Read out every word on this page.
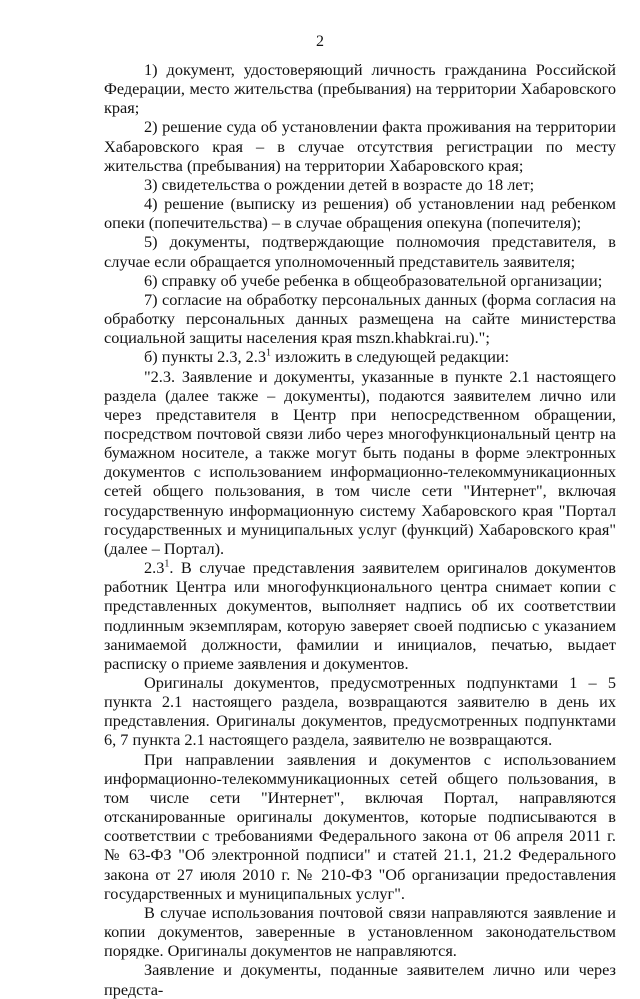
2

1) документ, удостоверяющий личность гражданина Российской Федерации, место жительства (пребывания) на территории Хабаровского края;

2) решение суда об установлении факта проживания на территории Хабаровского края – в случае отсутствия регистрации по месту жительства (пребывания) на территории Хабаровского края;

3) свидетельства о рождении детей в возрасте до 18 лет;

4) решение (выписку из решения) об установлении над ребенком опеки (попечительства) – в случае обращения опекуна (попечителя);

5) документы, подтверждающие полномочия представителя, в случае если обращается уполномоченный представитель заявителя;

6) справку об учебе ребенка в общеобразовательной организации;

7) согласие на обработку персональных данных (форма согласия на обработку персональных данных размещена на сайте министерства социальной защиты населения края mszn.khabkrai.ru).";

б) пункты 2.3, $2.3^1$ изложить в следующей редакции:

"2.3. Заявление и документы, указанные в пункте 2.1 настоящего раздела (далее также – документы), подаются заявителем лично или через представителя в Центр при непосредственном обращении, посредством почтовой связи либо через многофункциональный центр на бумажном носителе, а также могут быть поданы в форме электронных документов с использованием информационно-телекоммуникационных сетей общего пользования, в том числе сети "Интернет", включая государственную информационную систему Хабаровского края "Портал государственных и муниципальных услуг (функций) Хабаровского края" (далее – Портал).

$2.3^1$. В случае представления заявителем оригиналов документов работник Центра или многофункционального центра снимает копии с представленных документов, выполняет надпись об их соответствии подлинным экземплярам, которую заверяет своей подписью с указанием занимаемой должности, фамилии и инициалов, печатью, выдает расписку о приеме заявления и документов.

Оригиналы документов, предусмотренных подпунктами 1 – 5 пункта 2.1 настоящего раздела, возвращаются заявителю в день их представления. Оригиналы документов, предусмотренных подпунктами 6, 7 пункта 2.1 настоящего раздела, заявителю не возвращаются.

При направлении заявления и документов с использованием информационно-телекоммуникационных сетей общего пользования, в том числе сети "Интернет", включая Портал, направляются отсканированные оригиналы документов, которые подписываются в соответствии с требованиями Федерального закона от 06 апреля 2011 г. № 63-ФЗ "Об электронной подписи" и статей 21.1, 21.2 Федерального закона от 27 июля 2010 г. № 210-ФЗ "Об организации предоставления государственных и муниципальных услуг".

В случае использования почтовой связи направляются заявление и копии документов, заверенные в установленном законодательством порядке. Оригиналы документов не направляются.

Заявление и документы, поданные заявителем лично или через предста-
